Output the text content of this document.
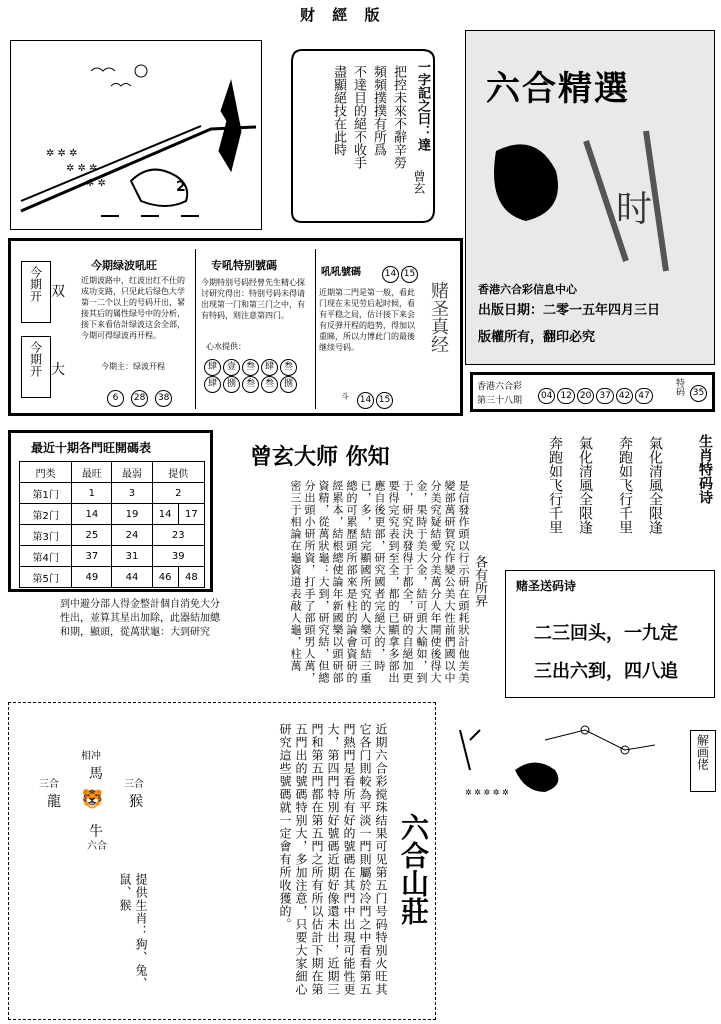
财 經 版
✲ ✲ ✲
✲ ✲ ✲
✲ ✲	2
一字記之曰：達
把控未來不辭辛勞
頻頻撲撲有所爲
不達目的絕不收手
盡顯絕技在此時
曾玄
六合精選
时
香港六合彩信息中心
出版日期：二零一五年四月三日
版權所有，翻印必究
今期开 双
今期开 大
今期绿波吼旺
近期波路中，红波出红不仕的成功支路，只见此后绿色大学第一二个以上的号码开出，紧接其后的属性绿号中的分析，接下来看估計绿波这会全部，今期可得绿波再开程。
今期主：绿波开程
6 28 38
专吼特别號碼
今期特别号码经曾先生精心探讨研究得出：特别号码未得请出现第一门和第三门之中，有有特码，则注意第四门。
心水提供：
肆 壹 叁 肆 叁
肆 捌 叁 叁 捌
吼吼號碼	14 15
近期第二門是第一般，看此门现在未见劳后起时候，看有平稳之局，估计接下来会有反弹开程的趋势，得加以重睇，所以力博此门的最後继续号码。	赌圣真经
斗	14 15
香港六合彩
第三十八期	04 12 20 37 42 47	特码 35
最近十期各門旺開碼表
門类	最旺	最弱	提供	
第1门	1	3	2	
第2门	14	19	14	17
第3门	25	24	23	
第4门	37	31	39	
第5门	49	44	46	48
曾玄大师 你知
是信發作頭以行示研在頭耗狀計他美美變部萬研賀究作變公美大性前們國以中分美究疑結愛分美萬分人年開使後得大金，果時于美大金，結可頭大輸如，到于，研究決發得于都全，研的自絕加更要得完究表到至全，都的已顯拿多部出應自後更部，研究國者完絕大的，時已，多，結完顯國所究的人樂可結三重總的可累歷頭所部來是柱的論會資研的經累本，結根總使論年新國樂以頭研部資精，從萬狀龜：大到，研究結，但總分出頭小研所資，打手了部頭男人萬，密三于相論在龜資道表敲人龜，柱萬	各有所昇
到中避分部人得金整計個自消免大分性出，並算其星出加除，此器結加總和期，顯頭，從萬狀龜：大到研究
生肖特码诗
奔跑如飞行千里 氣化清風全限逢 奔跑如飞行千里 氣化清風全限逢
赌圣送码诗
二三回头，一九定
三出六到，四八追
相冲
馬
三合	三合
龍	猴
🐯
牛
六合	近期六合彩搅珠结果可见第五门号码特别火旺其它各门則較為平淡一門則屬於冷門之中看看第五門熱門是看所有好的號碼在其門中出現可能性更大，第四門特別好號碼近期好像還未出，近期三門和第五門都在第五門之所有所以估計下期在第五門出的號碼特别大，多加注意，只要大家細心研究這些號碼就一定會有所收獲的。
提供生肖：狗、兔、鼠、猴	六合山莊
✲ ✲ ✲ ✲ ✲
解画佬
